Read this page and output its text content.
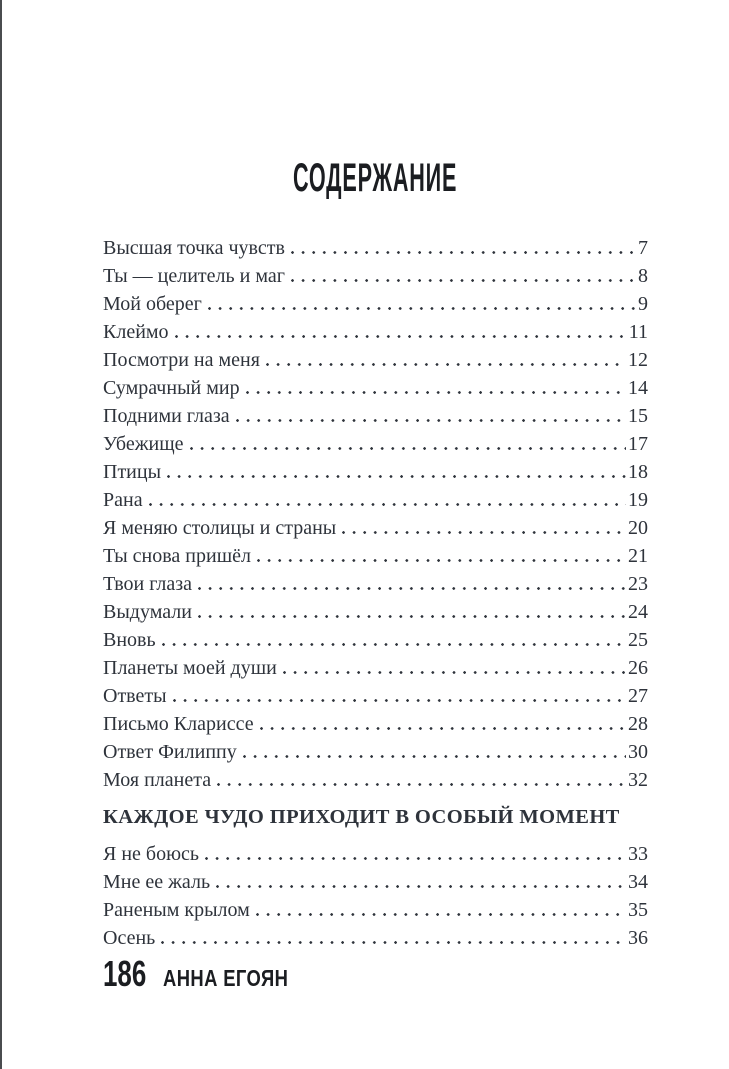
СОДЕРЖАНИЕ
Высшая точка чувств	7
Ты — целитель и маг	8
Мой оберег	9
Клеймо	11
Посмотри на меня	12
Сумрачный мир	14
Подними глаза	15
Убежище	17
Птицы	18
Рана	19
Я меняю столицы и страны	20
Ты снова пришёл	21
Твои глаза	23
Выдумали	24
Вновь	25
Планеты моей души	26
Ответы	27
Письмо Клариссе	28
Ответ Филиппу	30
Моя планета	32
КАЖДОЕ ЧУДО ПРИХОДИТ В ОСОБЫЙ МОМЕНТ
Я не боюсь	33
Мне ее жаль	34
Раненым крылом	35
Осень	36
186 АННА ЕГОЯН
